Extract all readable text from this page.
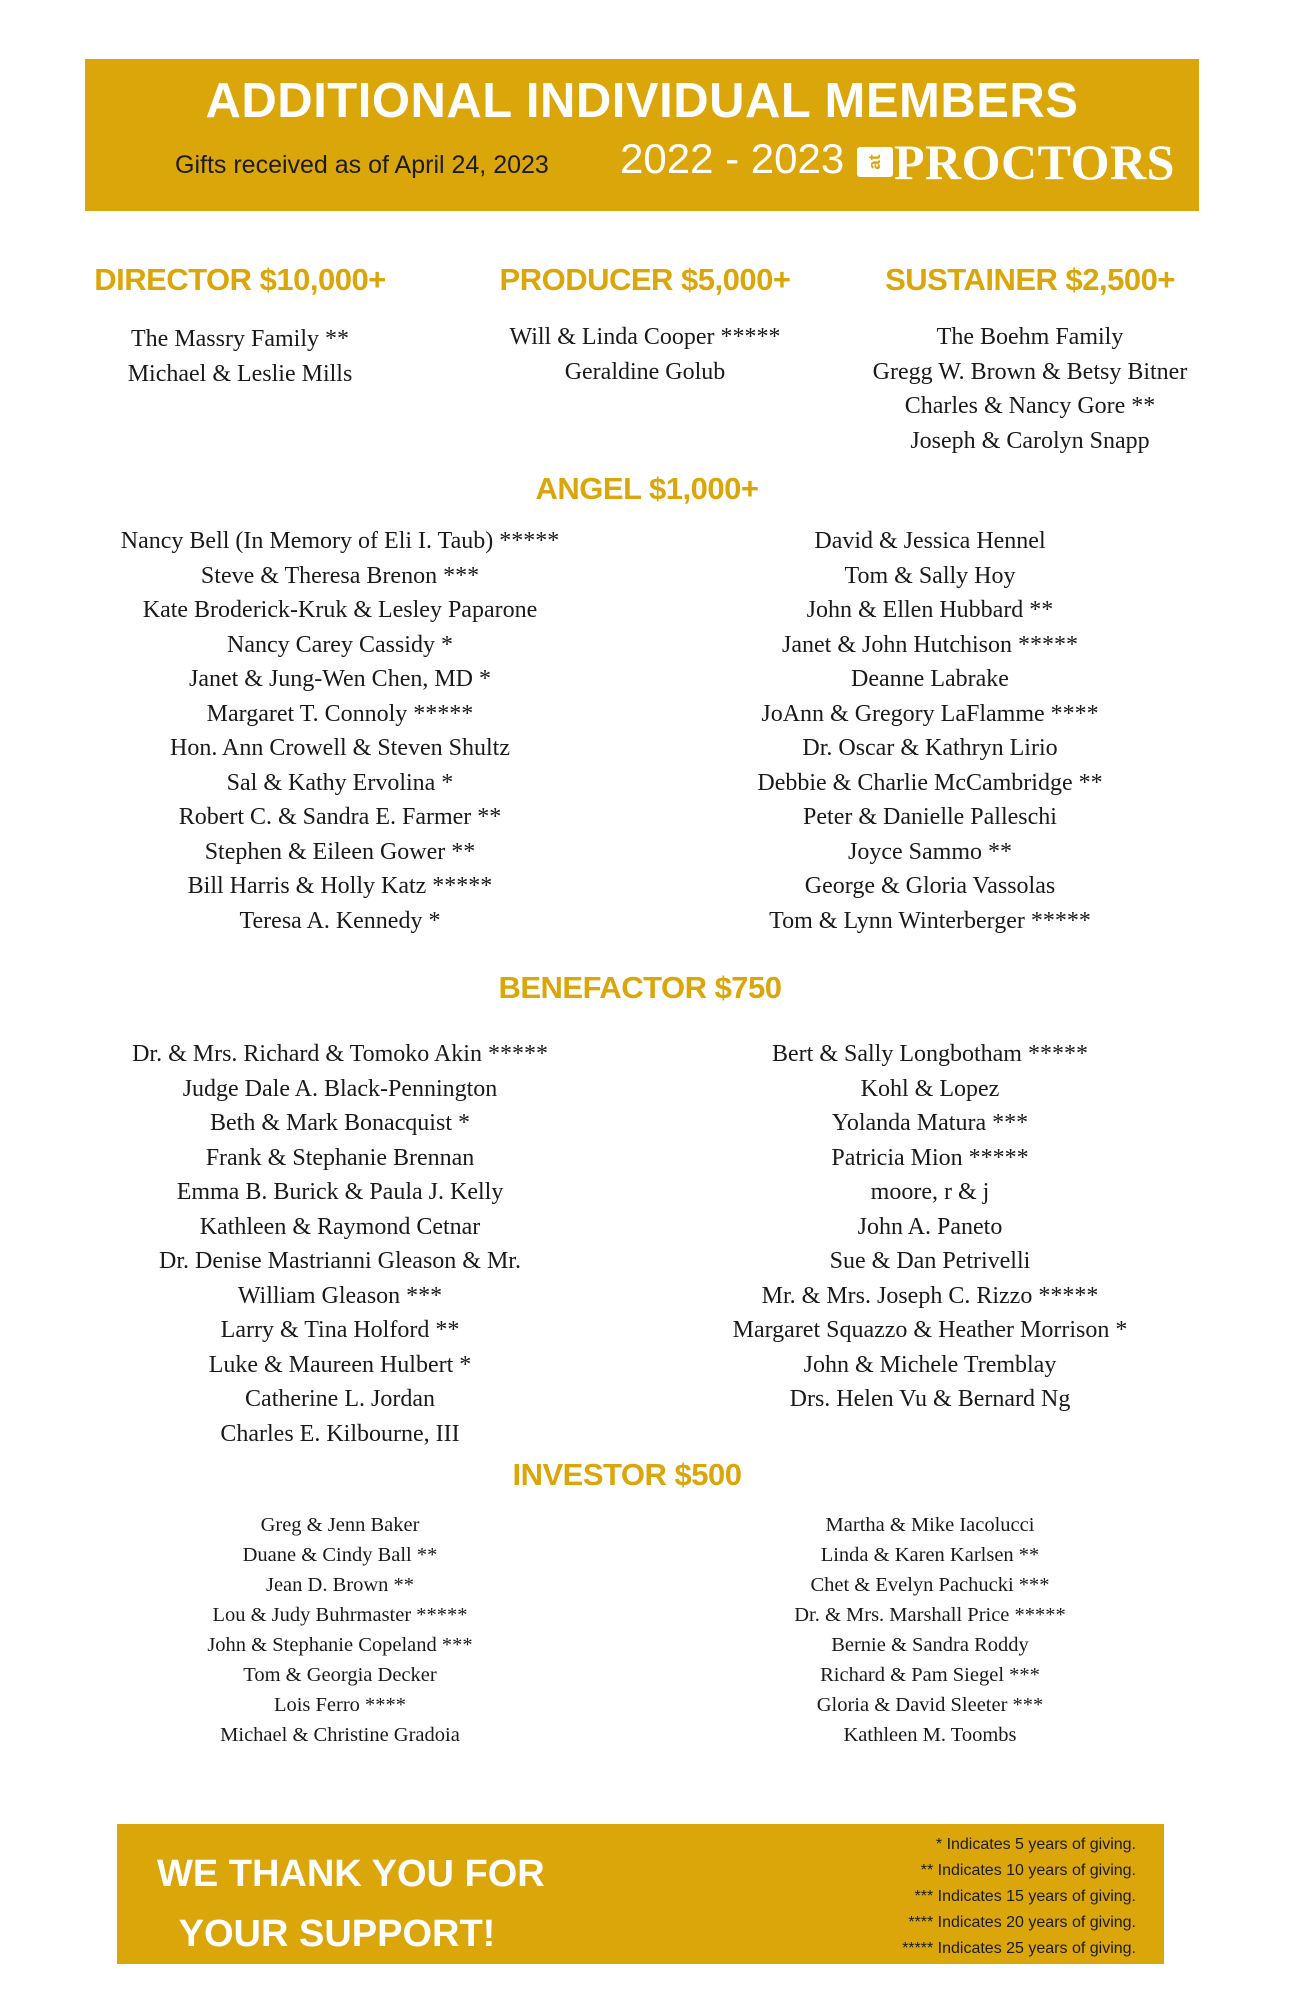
ADDITIONAL INDIVIDUAL MEMBERS
Gifts received as of April 24, 2023 2022 - 2023	at PROCTORS
DIRECTOR $10,000+
The Massry Family **
Michael & Leslie Mills
PRODUCER $5,000+
Will & Linda Cooper *****
Geraldine Golub
SUSTAINER $2,500+
The Boehm Family
Gregg W. Brown & Betsy Bitner
Charles & Nancy Gore **
Joseph & Carolyn Snapp
ANGEL $1,000+
Nancy Bell (In Memory of Eli I. Taub) *****
Steve & Theresa Brenon ***
Kate Broderick-Kruk & Lesley Paparone
Nancy Carey Cassidy *
Janet & Jung-Wen Chen, MD *
Margaret T. Connoly *****
Hon. Ann Crowell & Steven Shultz
Sal & Kathy Ervolina *
Robert C. & Sandra E. Farmer **
Stephen & Eileen Gower **
Bill Harris & Holly Katz *****
Teresa A. Kennedy *
David & Jessica Hennel
Tom & Sally Hoy
John & Ellen Hubbard **
Janet & John Hutchison *****
Deanne Labrake
JoAnn & Gregory LaFlamme ****
Dr. Oscar & Kathryn Lirio
Debbie & Charlie McCambridge **
Peter & Danielle Palleschi
Joyce Sammo **
George & Gloria Vassolas
Tom & Lynn Winterberger *****
BENEFACTOR $750
Dr. & Mrs. Richard & Tomoko Akin *****
Judge Dale A. Black-Pennington
Beth & Mark Bonacquist *
Frank & Stephanie Brennan
Emma B. Burick & Paula J. Kelly
Kathleen & Raymond Cetnar
Dr. Denise Mastrianni Gleason & Mr.
William Gleason ***
Larry & Tina Holford **
Luke & Maureen Hulbert *
Catherine L. Jordan
Charles E. Kilbourne, III
Bert & Sally Longbotham *****
Kohl & Lopez
Yolanda Matura ***
Patricia Mion *****
moore, r & j
John A. Paneto
Sue & Dan Petrivelli
Mr. & Mrs. Joseph C. Rizzo *****
Margaret Squazzo & Heather Morrison *
John & Michele Tremblay
Drs. Helen Vu & Bernard Ng
INVESTOR $500
Greg & Jenn Baker
Duane & Cindy Ball **
Jean D. Brown **
Lou & Judy Buhrmaster *****
John & Stephanie Copeland ***
Tom & Georgia Decker
Lois Ferro ****
Michael & Christine Gradoia
Martha & Mike Iacolucci
Linda & Karen Karlsen **
Chet & Evelyn Pachucki ***
Dr. & Mrs. Marshall Price *****
Bernie & Sandra Roddy
Richard & Pam Siegel ***
Gloria & David Sleeter ***
Kathleen M. Toombs
WE THANK YOU FOR
YOUR SUPPORT!
* Indicates 5 years of giving.
** Indicates 10 years of giving.
*** Indicates 15 years of giving.
**** Indicates 20 years of giving.
***** Indicates 25 years of giving.
